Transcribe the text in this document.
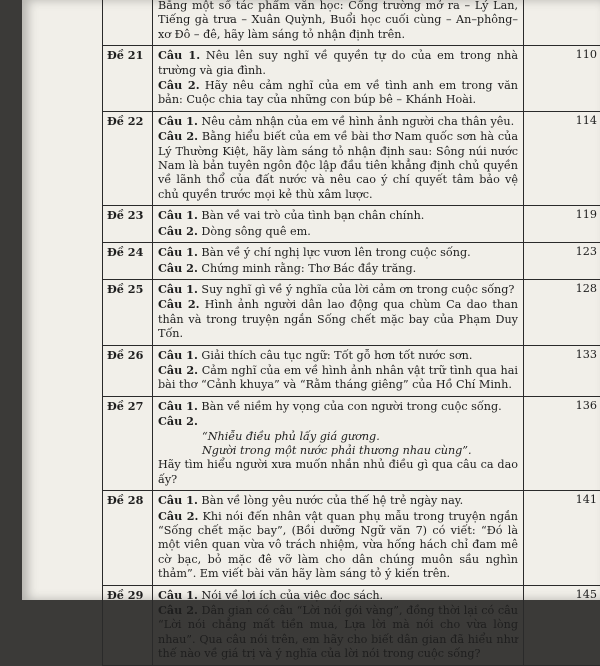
	Bằng một số tác phẩm văn học: Cổng trường mở ra – Lý Lan, Tiếng gà trưa – Xuân Quỳnh, Buổi học cuối cùng – An–phông–xơ Đô – đê, hãy làm sáng tỏ nhận định trên.	

Đề 21	Câu 1. Nêu lên suy nghĩ về quyền tự do của em trong nhà trường và gia đình.
Câu 2. Hãy nêu cảm nghĩ của em về tình anh em trong văn bản: Cuộc chia tay của những con búp bê – Khánh Hoài.	110
Đề 22	Câu 1. Nêu cảm nhận của em về hình ảnh người cha thân yêu.
Câu 2. Bằng hiểu biết của em về bài thơ Nam quốc sơn hà của Lý Thường Kiệt, hãy làm sáng tỏ nhận định sau: Sông núi nước Nam là bản tuyên ngôn độc lập đầu tiên khẳng định chủ quyền về lãnh thổ của đất nước và nêu cao ý chí quyết tâm bảo vệ chủ quyền trước mọi kẻ thù xâm lược.	114
Đề 23	Câu 1. Bàn về vai trò của tình bạn chân chính.
Câu 2. Dòng sông quê em.	119
Đề 24	Câu 1. Bàn về ý chí nghị lực vươn lên trong cuộc sống.
Câu 2. Chứng minh rằng: Thơ Bác đầy trăng.	123
Đề 25	Câu 1. Suy nghĩ gì về ý nghĩa của lời cảm ơn trong cuộc sống?
Câu 2. Hình ảnh người dân lao động qua chùm Ca dao than thân và trong truyện ngắn Sống chết mặc bay của Phạm Duy Tốn.	128
Đề 26	Câu 1. Giải thích câu tục ngữ: Tốt gỗ hơn tốt nước sơn.
Câu 2. Cảm nghĩ của em về hình ảnh nhân vật trữ tình qua hai bài thơ “Cảnh khuya” và “Rằm tháng giêng” của Hồ Chí Minh.	133
Đề 27	Câu 1. Bàn về niềm hy vọng của con người trong cuộc sống.
Câu 2.
“Nhiễu điều phủ lấy giá gương.
Người trong một nước phải thương nhau cùng”.
Hãy tìm hiểu người xưa muốn nhắn nhủ điều gì qua câu ca dao ấy?	136
Đề 28	Câu 1. Bàn về lòng yêu nước của thế hệ trẻ ngày nay.
Câu 2. Khi nói đến nhân vật quan phụ mẫu trong truyện ngắn “Sống chết mặc bay”, (Bồi dưỡng Ngữ văn 7) có viết: “Đó là một viên quan vừa vô trách nhiệm, vừa hống hách chỉ đam mê cờ bạc, bỏ mặc đê vỡ làm cho dân chúng muôn sầu nghìn thảm”. Em viết bài văn hãy làm sáng tỏ ý kiến trên.	141
Đề 29	Câu 1. Nói về lợi ích của việc đọc sách.
Câu 2. Dân gian có câu “Lời nói gói vàng”, đồng thời lại có câu “Lời nói chẳng mất tiền mua, Lựa lời mà nói cho vừa lòng nhau”. Qua câu nói trên, em hãy cho biết dân gian đã hiểu như thế nào về giá trị và ý nghĩa của lời nói trong cuộc sống?	145
